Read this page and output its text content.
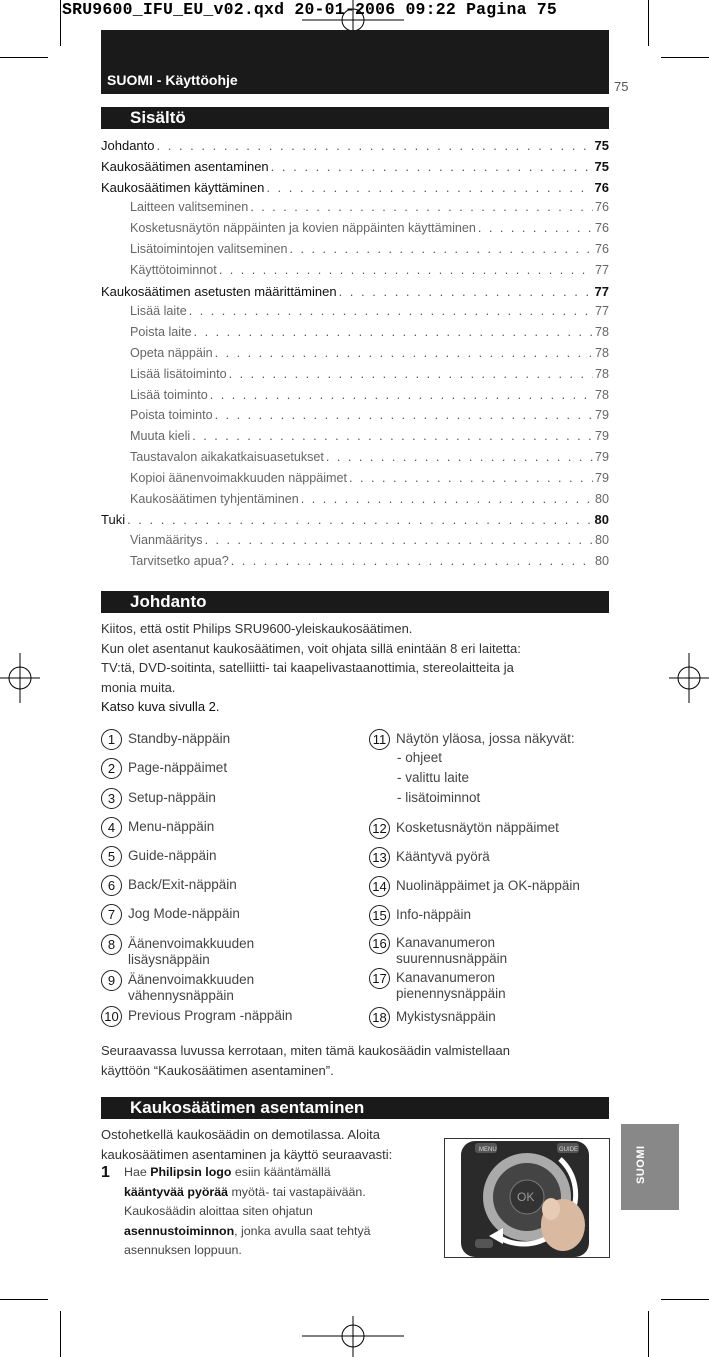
SRU9600_IFU_EU_v02.qxd 20-01-2006 09:22 Pagina 75
SUOMI - Käyttöohje	75
Sisältö
Johdanto . . .	75
Kaukosäätimen asentaminen . . .	75
Kaukosäätimen käyttäminen . . .	76
Laitteen valitseminen . . .	76
Kosketusnäytön näppäinten ja kovien näppäinten käyttäminen . . .	76
Lisätoimintojen valitseminen . . .	76
Käyttötoiminnot . . .	77
Kaukosäätimen asetusten määrittäminen . . .	77
Lisää laite . . .	77
Poista laite . . .	78
Opeta näppäin . . .	78
Lisää lisätoiminto . . .	78
Lisää toiminto . . .	78
Poista toiminto . . .	79
Muuta kieli . . .	79
Taustavalon aikakatkaisuasetukset . . .	79
Kopioi äänenvoimakkuuden näppäimet . . .	79
Kaukosäätimen tyhjentäminen . . .	80
Tuki . . .	80
Vianmääritys . . .	80
Tarvitsetko apua? . . .	80
Johdanto
Kiitos, että ostit Philips SRU9600-yleiskaukosäätimen.
Kun olet asentanut kaukosäätimen, voit ohjata sillä enintään 8 eri laitetta:
TV:tä, DVD-soitinta, satelliitti- tai kaapelivastaanottimia, stereolaitteita ja
monia muita.
Katso kuva sivulla 2.
1 Standby-näppäin
2 Page-näppäimet
3 Setup-näppäin
4 Menu-näppäin
5 Guide-näppäin
6 Back/Exit-näppäin
7 Jog Mode-näppäin
8 Äänenvoimakkuuden
lisäysnäppäin
9 Äänenvoimakkuuden
vähennysnäppäin
10 Previous Program -näppäin
11 Näytön yläosa, jossa näkyvät:
12 Kosketusnäytön näppäimet
13 Kääntyvä pyörä
14 Nuolinäppäimet ja OK-näppäin
15 Info-näppäin
16 Kanavanumeron
suurennusnäppäin
17 Kanavanumeron
pienennysnäppäin
18 Mykistysnäppäin
- ohjeet
- valittu laite
- lisätoiminnot
Seuraavassa luvussa kerrotaan, miten tämä kaukosäädin valmistellaan
käyttöön “Kaukosäätimen asentaminen”.
Kaukosäätimen asentaminen
Ostohetkellä kaukosäädin on demotilassa. Aloita
kaukosäätimen asentaminen ja käyttö seuraavasti:
1 Hae Philipsin logo esiin kääntämällä
kääntyvää pyörää myötä- tai vastapäivään.
Kaukosäädin aloittaa siten ohjatun
asennustoiminnon, jonka avulla saat tehtyä
asennuksen loppuun.
MENU	GUIDE
OK
SUOMI
